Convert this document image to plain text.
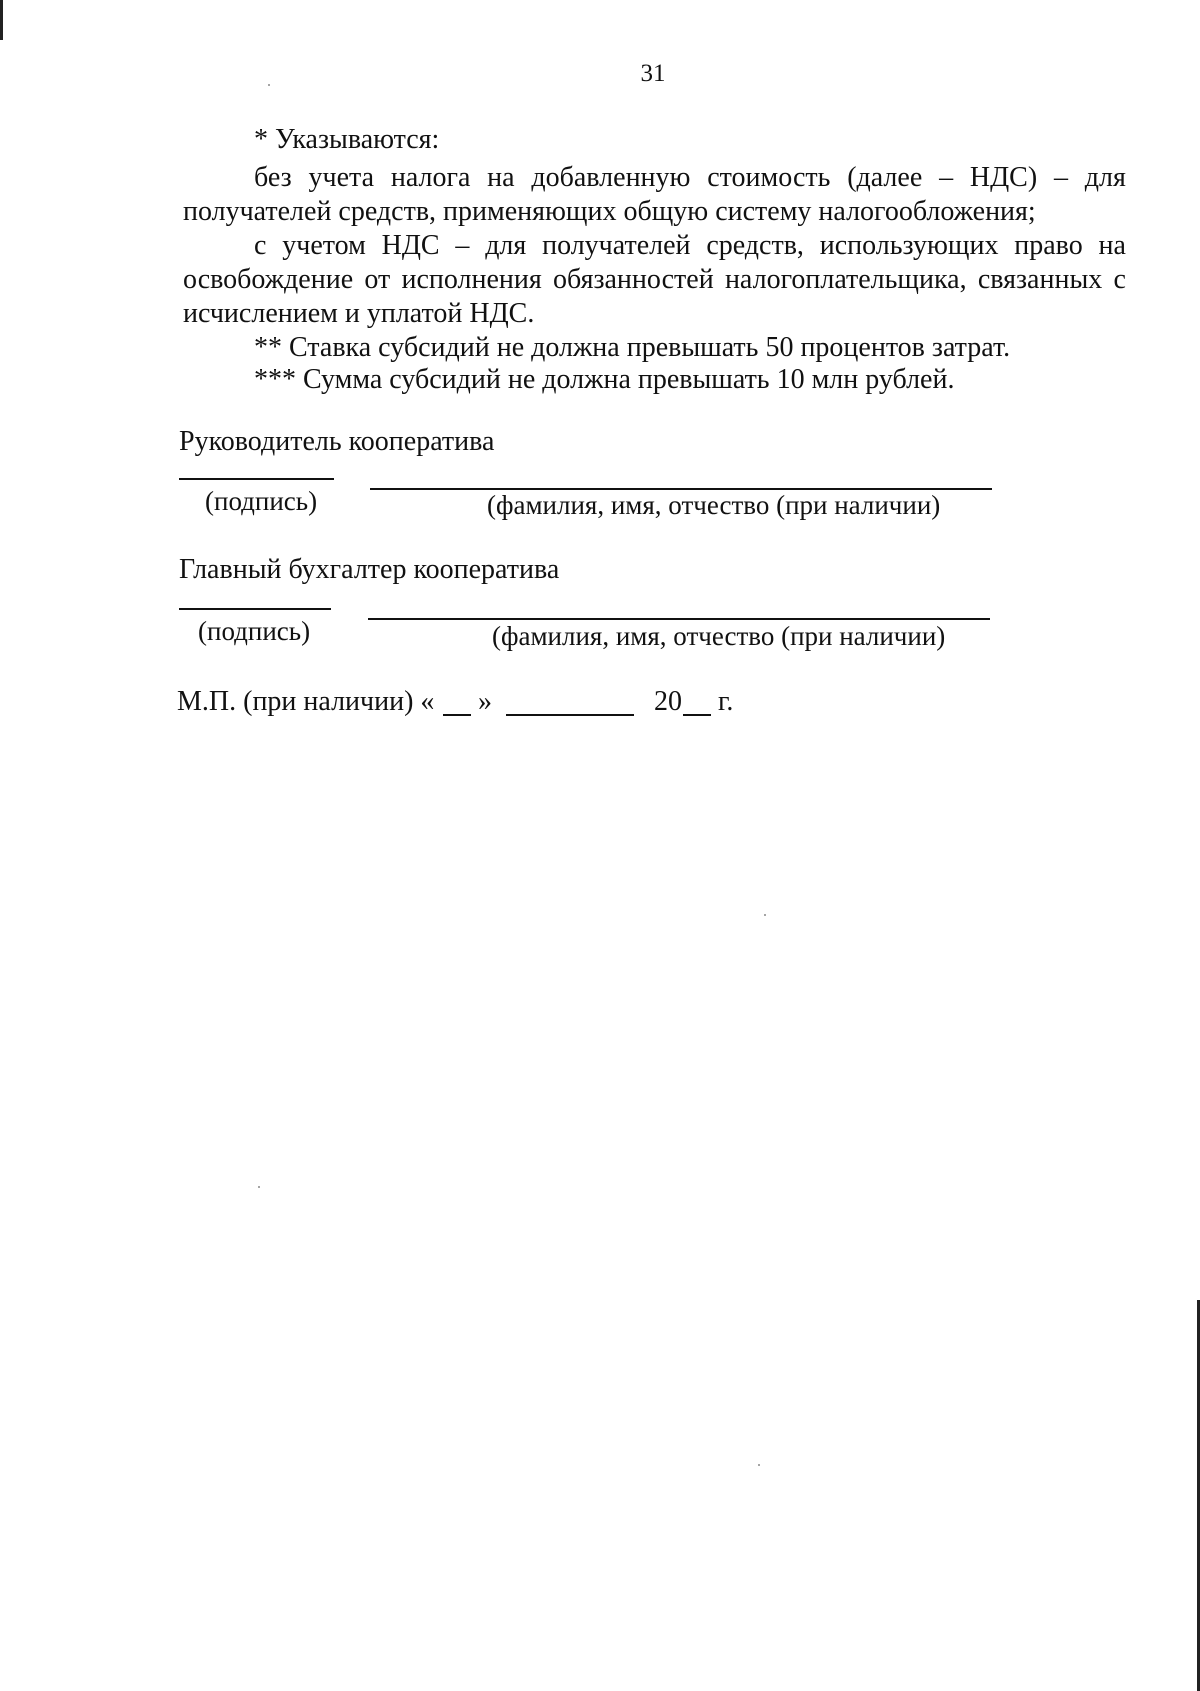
31
* Указываются:
без учета налога на добавленную стоимость (далее – НДС) – для
получателей средств, применяющих общую систему налогообложения;
с учетом НДС – для получателей средств, использующих право на
освобождение от исполнения обязанностей налогоплательщика, связанных с
исчислением и уплатой НДС.
** Ставка субсидий не должна превышать 50 процентов затрат.
*** Сумма субсидий не должна превышать 10 млн рублей.
Руководитель кооператива
(подпись)	(фамилия, имя, отчество (при наличии)
Главный бухгалтер кооператива
(подпись)	(фамилия, имя, отчество (при наличии)
М.П. (при наличии) « »	20 г.
